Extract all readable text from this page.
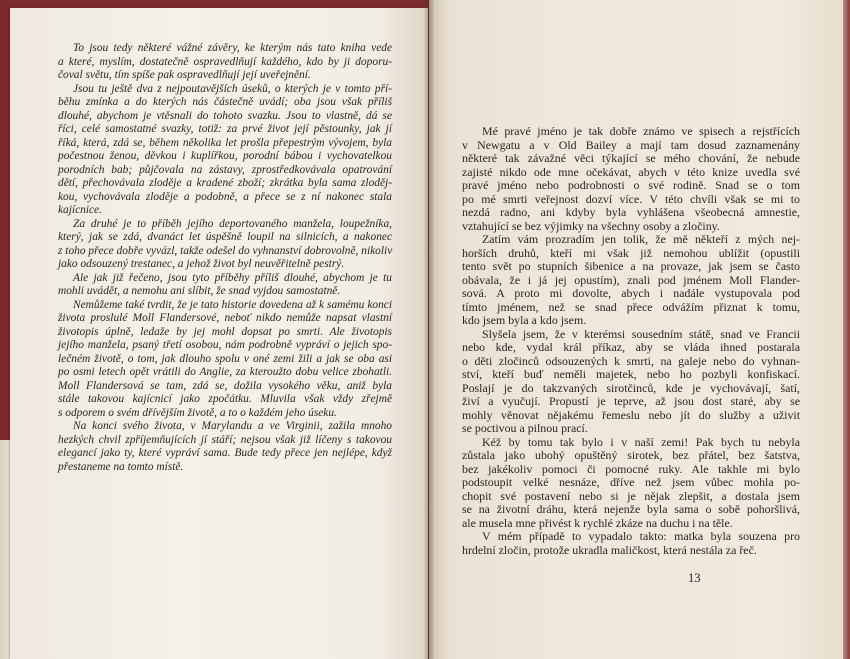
To jsou tedy některé vážné závěry, ke kterým nás tato kniha vede
a které, myslím, dostatečně ospravedlňují každého, kdo by ji doporu-
čoval světu, tím spíše pak ospravedlňují její uveřejnění.
Jsou tu ještě dva z nejpoutavějších úseků, o kterých je v tomto pří-
běhu zmínka a do kterých nás částečně uvádí; oba jsou však příliš
dlouhé, abychom je vtěsnali do tohoto svazku. Jsou to vlastně, dá se
říci, celé samostatné svazky, totiž: za prvé život její pěstounky, jak jí
říká, která, zdá se, během několika let prošla přepestrým vývojem, byla
počestnou ženou, děvkou i kuplířkou, porodní bábou i vychovatelkou
porodních bab; půjčovala na zástavy, zprostředkovávala opatrování
dětí, přechovávala zloděje a kradené zboží; zkrátka byla sama zloděj-
kou, vychovávala zloděje a podobně, a přece se z ní nakonec stala
kajícnice.
Za druhé je to příběh jejího deportovaného manžela, loupežníka,
který, jak se zdá, dvanáct let úspěšně loupil na silnicích, a nakonec
z toho přece dobře vyvázl, takže odešel do vyhnanství dobrovolně, nikoliv
jako odsouzený trestanec, a jehož život byl neuvěřitelně pestrý.
Ale jak již řečeno, jsou tyto příběhy příliš dlouhé, abychom je tu
mohli uvádět, a nemohu ani slíbit, že snad vyjdou samostatně.
Nemůžeme také tvrdit, že je tato historie dovedena až k samému konci
života proslulé Moll Flandersové, neboť nikdo nemůže napsat vlastní
životopis úplně, ledaže by jej mohl dopsat po smrti. Ale životopis
jejího manžela, psaný třetí osobou, nám podrobně vypráví o jejich spo-
lečném životě, o tom, jak dlouho spolu v oné zemi žili a jak se oba asi
po osmi letech opět vrátili do Anglie, za kteroužto dobu velice zbohatli.
Moll Flandersová se tam, zdá se, dožila vysokého věku, aniž byla
stále takovou kajícnicí jako zpočátku. Mluvila však vždy zřejmě
s odporem o svém dřívějším životě, a to o každém jeho úseku.
Na konci svého života, v Marylandu a ve Virginii, zažila mnoho
hezkých chvil zpříjemňujících jí stáří; nejsou však již líčeny s takovou
elegancí jako ty, které vypráví sama. Bude tedy přece jen nejlépe, když
přestaneme na tomto místě.
Mé pravé jméno je tak dobře známo ve spisech a rejstřících
v Newgatu a v Old Bailey a mají tam dosud zaznamenány
některé tak závažné věci týkající se mého chování, že nebude
zajisté nikdo ode mne očekávat, abych v této knize uvedla své
pravé jméno nebo podrobnosti o své rodině. Snad se o tom
po mé smrti veřejnost dozví více. V této chvíli však se mi to
nezdá radno, ani kdyby byla vyhlášena všeobecná amnestie,
vztahující se bez výjimky na všechny osoby a zločiny.
Zatím vám prozradím jen tolik, že mě někteří z mých nej-
horších druhů, kteří mi však již nemohou ublížit (opustili
tento svět po stupních šibenice a na provaze, jak jsem se často
obávala, že i já jej opustím), znali pod jménem Moll Flander-
sová. A proto mi dovolte, abych i nadále vystupovala pod
tímto jménem, než se snad přece odvážím přiznat k tomu,
kdo jsem byla a kdo jsem.
Slyšela jsem, že v kterémsi sousedním státě, snad ve Francii
nebo kde, vydal král příkaz, aby se vláda ihned postarala
o děti zločinců odsouzených k smrti, na galeje nebo do vyhnan-
ství, kteří buď neměli majetek, nebo ho pozbyli konfiskací.
Poslají je do takzvaných sirotčinců, kde je vychovávají, šatí,
živí a vyučují. Propustí je teprve, až jsou dost staré, aby se
mohly věnovat nějakému řemeslu nebo jít do služby a uživit
se poctivou a pilnou prací.
Kéž by tomu tak bylo i v naší zemi! Pak bych tu nebyla
zůstala jako ubohý opuštěný sirotek, bez přátel, bez šatstva,
bez jakékoliv pomoci či pomocné ruky. Ale takhle mi bylo
podstoupit velké nesnáze, dříve než jsem vůbec mohla po-
chopit své postavení nebo si je nějak zlepšit, a dostala jsem
se na životní dráhu, která nejenže byla sama o sobě pohoršlivá,
ale musela mne přivést k rychlé zkáze na duchu i na těle.
V mém případě to vypadalo takto: matka byla souzena pro
hrdelní zločin, protože ukradla maličkost, která nestála za řeč.
13
